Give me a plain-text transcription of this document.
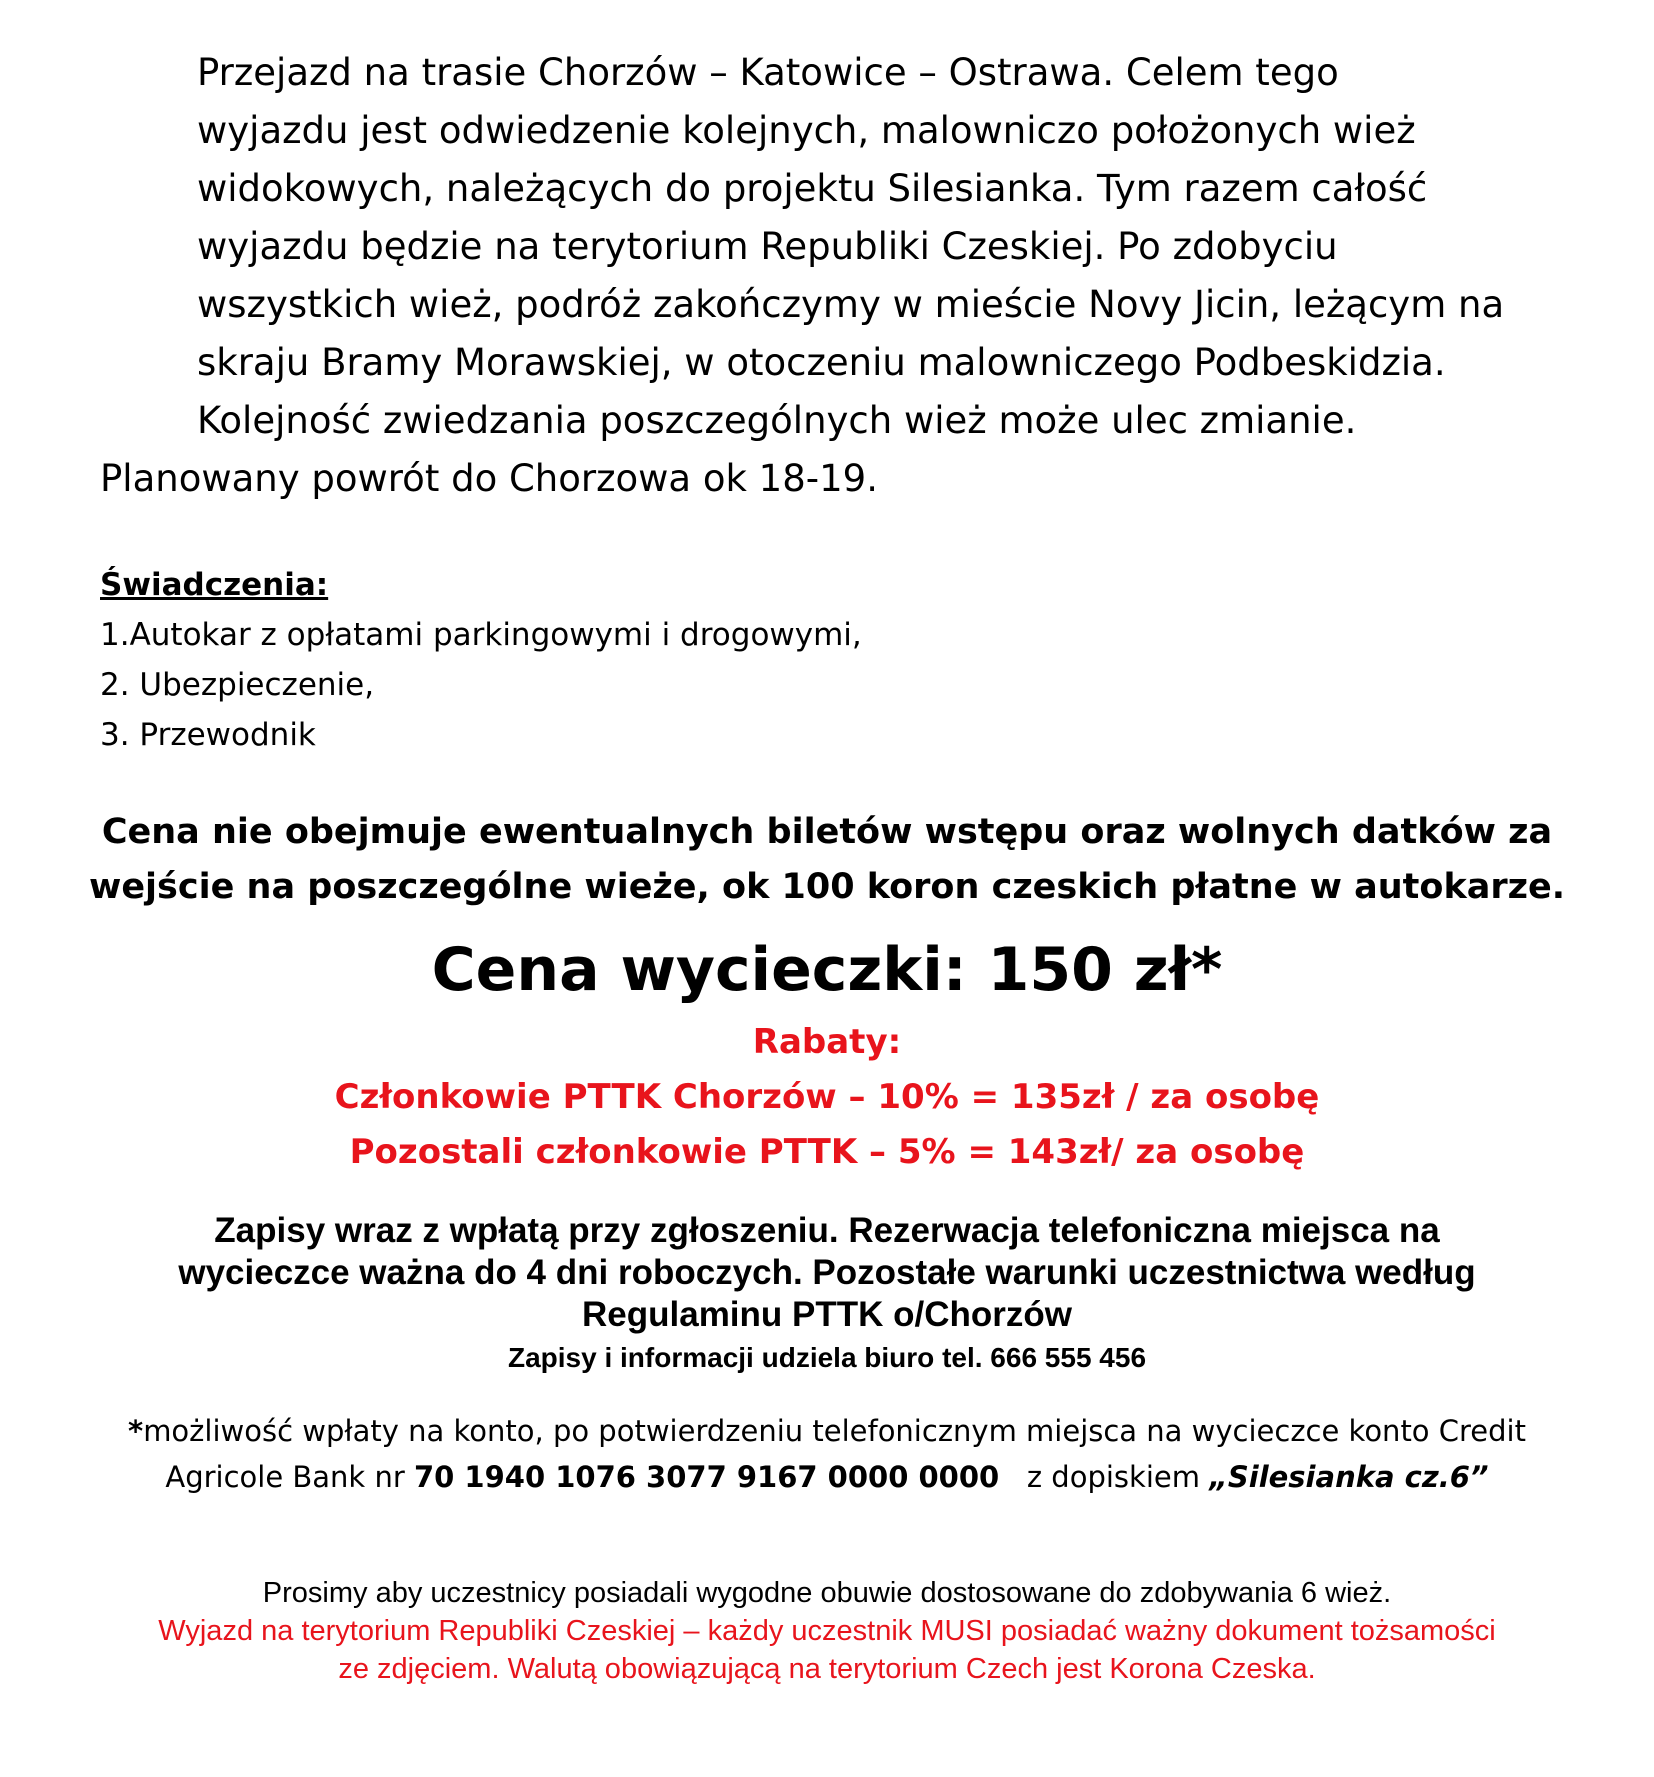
Przejazd na trasie Chorzów – Katowice – Ostrawa. Celem tego
wyjazdu jest odwiedzenie kolejnych, malowniczo położonych wież
widokowych, należących do projektu Silesianka. Tym razem całość
wyjazdu będzie na terytorium Republiki Czeskiej. Po zdobyciu
wszystkich wież, podróż zakończymy w mieście Novy Jicin, leżącym na
skraju Bramy Morawskiej, w otoczeniu malowniczego Podbeskidzia.
Kolejność zwiedzania poszczególnych wież może ulec zmianie.
Planowany powrót do Chorzowa ok 18-19.
Świadczenia:
1.Autokar z opłatami parkingowymi i drogowymi,
2. Ubezpieczenie,
3. Przewodnik
Cena nie obejmuje ewentualnych biletów wstępu oraz wolnych datków za
wejście na poszczególne wieże, ok 100 koron czeskich płatne w autokarze.
Cena wycieczki: 150 zł*
Rabaty:
Członkowie PTTK Chorzów – 10% = 135zł / za osobę
Pozostali członkowie PTTK – 5% = 143zł/ za osobę
Zapisy wraz z wpłatą przy zgłoszeniu. Rezerwacja telefoniczna miejsca na
wycieczce ważna do 4 dni roboczych. Pozostałe warunki uczestnictwa według
Regulaminu PTTK o/Chorzów
Zapisy i informacji udziela biuro tel. 666 555 456
*możliwość wpłaty na konto, po potwierdzeniu telefonicznym miejsca na wycieczce konto Credit
Agricole Bank nr 70 1940 1076 3077 9167 0000 0000   z dopiskiem „Silesianka cz.6”
Prosimy aby uczestnicy posiadali wygodne obuwie dostosowane do zdobywania 6 wież.
Wyjazd na terytorium Republiki Czeskiej – każdy uczestnik MUSI posiadać ważny dokument tożsamości
ze zdjęciem. Walutą obowiązującą na terytorium Czech jest Korona Czeska.
